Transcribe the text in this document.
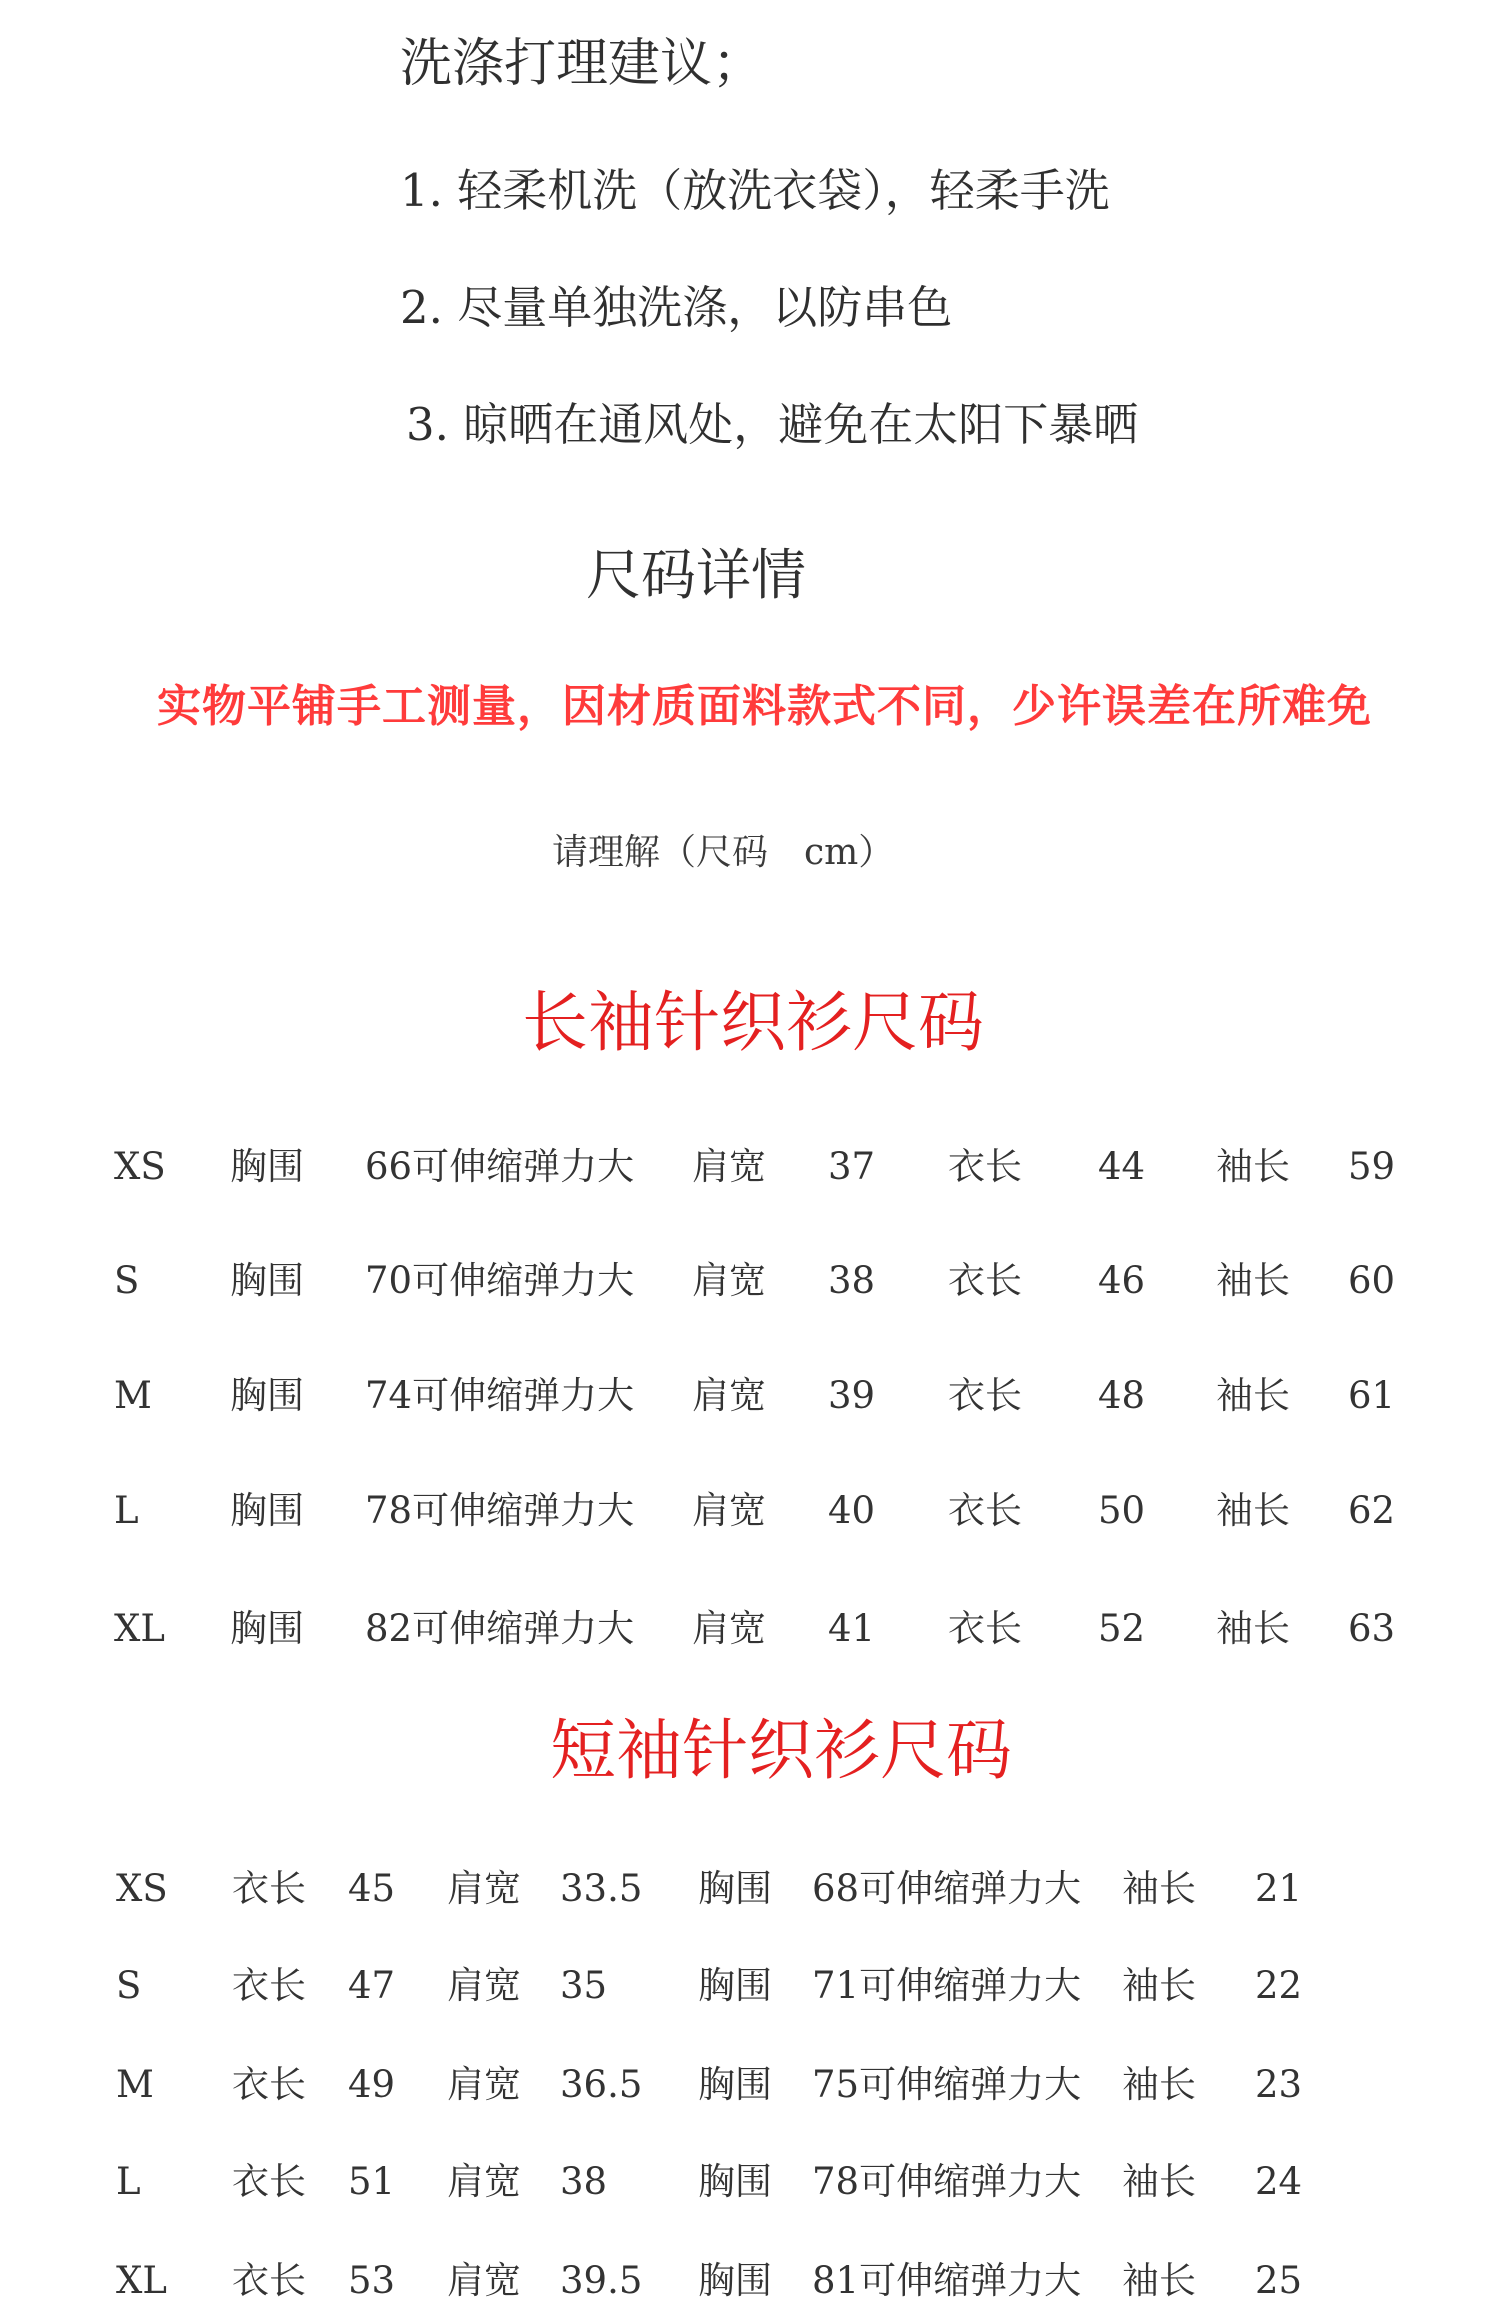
洗涤打理建议；
1. 轻柔机洗（放洗衣袋），轻柔手洗
2. 尽量单独洗涤，以防串色
3. 晾晒在通风处，避免在太阳下暴晒
尺码详情
实物平铺手工测量，因材质面料款式不同，少许误差在所难免
请理解（尺码　cm）
长袖针织衫尺码
XS 胸围 66可伸缩弹力大 肩宽 37 衣长 44 袖长 59
S 胸围 70可伸缩弹力大 肩宽 38 衣长 46 袖长 60
M 胸围 74可伸缩弹力大 肩宽 39 衣长 48 袖长 61
L 胸围 78可伸缩弹力大 肩宽 40 衣长 50 袖长 62
XL 胸围 82可伸缩弹力大 肩宽 41 衣长 52 袖长 63
短袖针织衫尺码
XS 衣长 45 肩宽 33.5 胸围 68可伸缩弹力大 袖长 21
S 衣长 47 肩宽 35 胸围 71可伸缩弹力大 袖长 22
M 衣长 49 肩宽 36.5 胸围 75可伸缩弹力大 袖长 23
L 衣长 51 肩宽 38 胸围 78可伸缩弹力大 袖长 24
XL 衣长 53 肩宽 39.5 胸围 81可伸缩弹力大 袖长 25
